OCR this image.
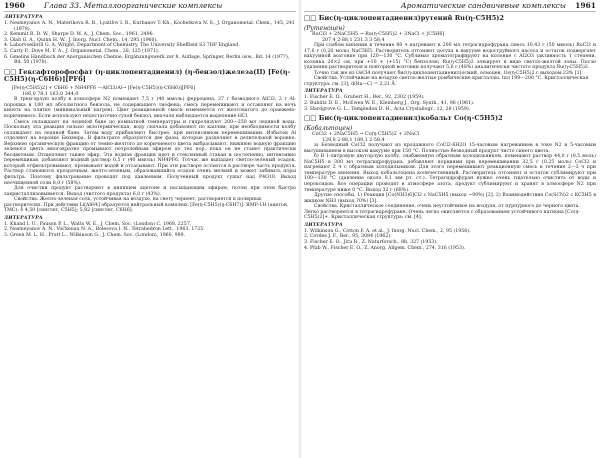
1960	Глава 33. Металлоорганические комплексы
ЛИТЕРАТУРА
1. Nesmeyanov A. N., Materikova R. B., Lyatifov I. R., Kurbanov T. Kh., Kochetkova N. S., J. Organometal. Chem., 145, 241 (1978).
2. Kemmit R. D. W., Sharpe D. W. A., J. Chem. Soc., 1961, 2496.
3. Olah G. A., Quinn H. W., J. Inorg. Nucl. Chem., 14, 295 (1960).
4. Laborvoelbrill G. A. Wright, Department of Chemistry, The University Sheffield S3 7HF England.
5. Carty P., Dove M. F. A., J. Organometal. Chem., 28, 125 (1971).
6. Gmelins Handbuch der Anorganischen Chemie, Ergänzungswerk zur 8. Auflage, Springer, Berlin usw., Bd. 14 (1977), Bd. 50 (1978).
□□ Гексафторофосфат (η-циклопентадиенил) (η-бензол)железа(II) [Fe(η-C5H5)(η-C6H6)][PF6]
[Fe(η-C5H5)2] + C6H6 + NH4PF6 —AlCl3/Al→ [Fe(η-C5H5)(η-C6H6)][PF6]
186,0 78,1 163,0 344,0
В трехгорлую колбу в атмосфере N2 помещают 7,5 г (40 ммоль) ферроцена, 27 г безводного AlCl3, 2 г Al-порошка и 100 мл абсолютного бензола, не содержащего тиофена; смесь перемешивают и оставляют на ночь кипеть на плитке (минимальный нагрев). Цвет реакционной смеси изменяется от желтоватого до оранжево-коричневого. Если используют недостаточно сухой бензол, вначале наблюдается выделение HCl.
Смесь охлаждают на ледяной бане до комнатной температуры и гидролизуют 200—250 мл ледяной воды. Поскольку эта реакция сильно экзотермическая, воду сначала добавляют по каплям, при необходимости колбу охлаждают на ледяной бане. Затем воду прибавляют быстрее, при интенсивном перемешивании. Избыток Al отделяют на воронке Бюхнера. В фильтрате образуются две фазы, которые разделяют в делительной воронке. Верхнюю органическую фракцию от темно-желтого до коричневого цвета выбрасывают, нижнюю водную фракцию зеленого цвета многократно промывают петролейным эфиром до тех пор, пока он не станет практически бесцветным. Отщепляют также эфир. Эта водная фракция идет в стеклянный стакан и постепенно, интенсивно перемешивая, добавляют водный раствор 6,5 г (40 ммоль) NH4PF6. Тотчас же выпадает светло-зеленый осадок, который отфильтровывают, промывают водой и отсасывают. При эти растворе остаются в растворе часть продукта. Раствор становится прозрачным, желто-зеленым, образовавшийся осадок очень мелкий и может забивать поры фильтра. Поэтому фильтрование проводят под давлением. Полученный продукт сушат над P4O10. Выход неочищенной соли 8,0 г (58%).
Для очистки продукт растворяют в кипящем ацетоне и насыщающим эфиром, потом при этом быстро закристаллизовывается. Выход (чистого продукта) 6,0 г (43%).
Свойства. Желто-зеленая соль, устойчивая на воздухе, на свету чернеет, растворяется в полярных растворителях. При действии Li[AlH4] образуется нейтральный комплекс [Fe(η-C5H5)(η-C6H7)]. ЯМР-1H (ацетон, ТМС): δ 4,58 [синглет, C5H5]; 5,82 [синглет, C6H6].
ЛИТЕРАТУРА
1. Khand I. U., Pauson P. L., Watts W. E., J. Chem. Soc. (London) C, 1968, 2257.
2. Nesmeyanov A. N., Vol'kenau N. A., Bolesova I. N., Tetrahedron Lett., 1963, 1725.
3. Green M. L. H., Pratt L., Wilkinson G., J. Chem. Soc. (London), 1960, 989.
Ароматические сандвичевые комплексы 1961
□□ Бис(η-циклопентадиенил)рутений Ru(η-C5H5)2
(Рутеноцен)
RuCl3 + 2NaC5H5 → Ru(η-C5H5)2 + 3NaCl + [C5H6]
207,4 2·88,1 231,3 3·58,4
При слабом кипении в течение 80 ч нагревают в 200 мл тетрагидрофурана смесь 10,43 г (50 ммоль) RuCl3 и 17,6 г (0,20 моль) NaC5H5. Растворитель отгоняют досуха в вакууме водоструйного насоса и остаток подвергают вакуумной возгонке при 120—130 °С. Сублимат хроматографируют на колонке с Al2O3 (активность 1 степени, колонка 20×2 см, при +10 + (+15) °С) бензолом; Ru(η-C5H5)2 элюирует в виде светло-желтой зоны. После удаления растворителя и повторной возгонки получают 5,6 г (48%) аналитически чистого продукта Ru(η-C5H5)2.
Точно так же из OsCl4 получают бис(η-циклопентадиенил)осмий, осмоцен, Os(η-C5H5)2 с выходом 23% [1].
Свойства. Устойчивые на воздухе светло-желтые ромбические кристаллы. tпл 199—200 °С. Кристаллическая структура: см. [3]; d(Ru—C) = 2,21 Å.
ЛИТЕРАТУРА
1. Fischer E. O., Grubert H., Ber., 92, 2302 (1959).
2. Bublitz D. E., McEwen W. E., Kleinberg J., Org. Synth., 41, 96 (1961).
3. Hardgrove G. L., Templedon D. H., Acta Crystallogr., 12, 28 (1959).
□□ Бис(η-циклопентадиенил)кобальт Co(η-C5H5)2
(Кобальтоцен)
CoCl2 + 2NaC5H5 → Co(η-C5H5)2 + 2NaCl
129,8 2·88,1 189,1 2·58,4
а) Безводный CoCl2 получают из продажного CoCl2·6H2O 15-часовым нагреванием в токе N2 и 5-часовым высушиванием в высоком вакууме при 150 °С. Полностью безводный продукт чисто синего цвета.
б) В 1-литровую двугорлую колбу, снабженную обратным холодильником, помещают раствор 44,0 г (0,5 моль) NaC5H5 в 300 мл тетрагидрофурана, добавляют порциями при перемешивании 32,5 г (0,25 моль) CoCl2 и нагревают 2 ч с обратным холодильником. Для этого перемешивают реакционную смесь в течение 2—3 ч при температуре кипения. Выход кобальтоцена количественный. Растворитель отгоняют и остаток сублимируют при 100—130 °С (давление около 0,1 мм рт. ст.). Тетрагидрофуран нужно очень тщательно очистить от воды и пероксидов. Все операции проводят в атмосфере азота, продукт сублимируют и хранят в атмосфере N2 при температуре ниже 0 °С. Выход 32 г (68%).
Другие способы. 1) Реакция [Co(NH3)6]Cl2 с NaC5H5 (выход ~90%) [2]. 2) Взаимодействие Co(SCN)2 с KC5H5 в жидком NH3 (выход 70%) [3].
Свойства. Кристаллическое соединение, очень неустойчивое на воздухе, от пурпурного до черного цвета. Легко растворяется в тетрагидрофуране. Очень легко окисляется с образованием устойчивого катиона [Co(η-C5H5)2]+. Кристаллическая структура: см. [4].
ЛИТЕРАТУРА
1. Wilkinson G., Cotton F. A. et al., J. Inorg. Nucl. Chem., 2, 95 (1956).
2. Cordes J. F., Ber., 95, 3084 (1962).
3. Fischer E. O., Jira R., Z. Naturforsch., 8b, 327 (1953).
4. Pfab W., Fischer E. O., Z. Anorg. Allgem. Chem., 274, 316 (1953).
